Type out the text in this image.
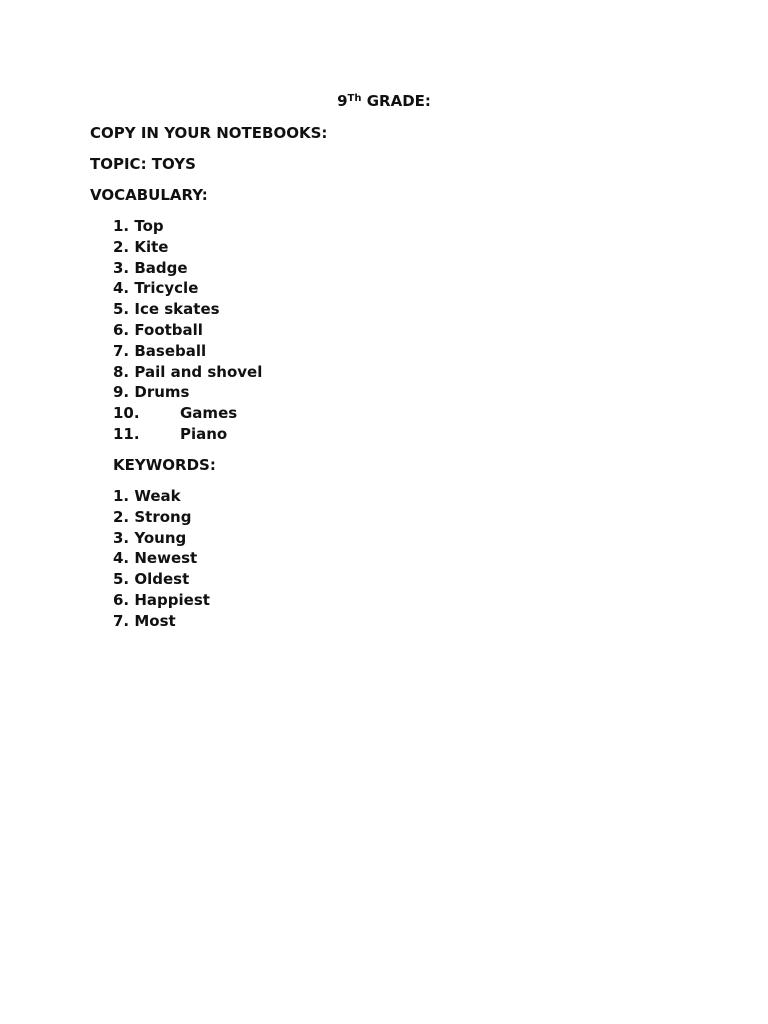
9Th GRADE:
COPY IN YOUR NOTEBOOKS:
TOPIC: TOYS
VOCABULARY:
1. Top
2. Kite
3. Badge
4. Tricycle
5. Ice skates
6. Football
7. Baseball
8. Pail and shovel
9. Drums
10.	Games
11.	Piano
KEYWORDS:
1. Weak
2. Strong
3. Young
4. Newest
5. Oldest
6. Happiest
7. Most
